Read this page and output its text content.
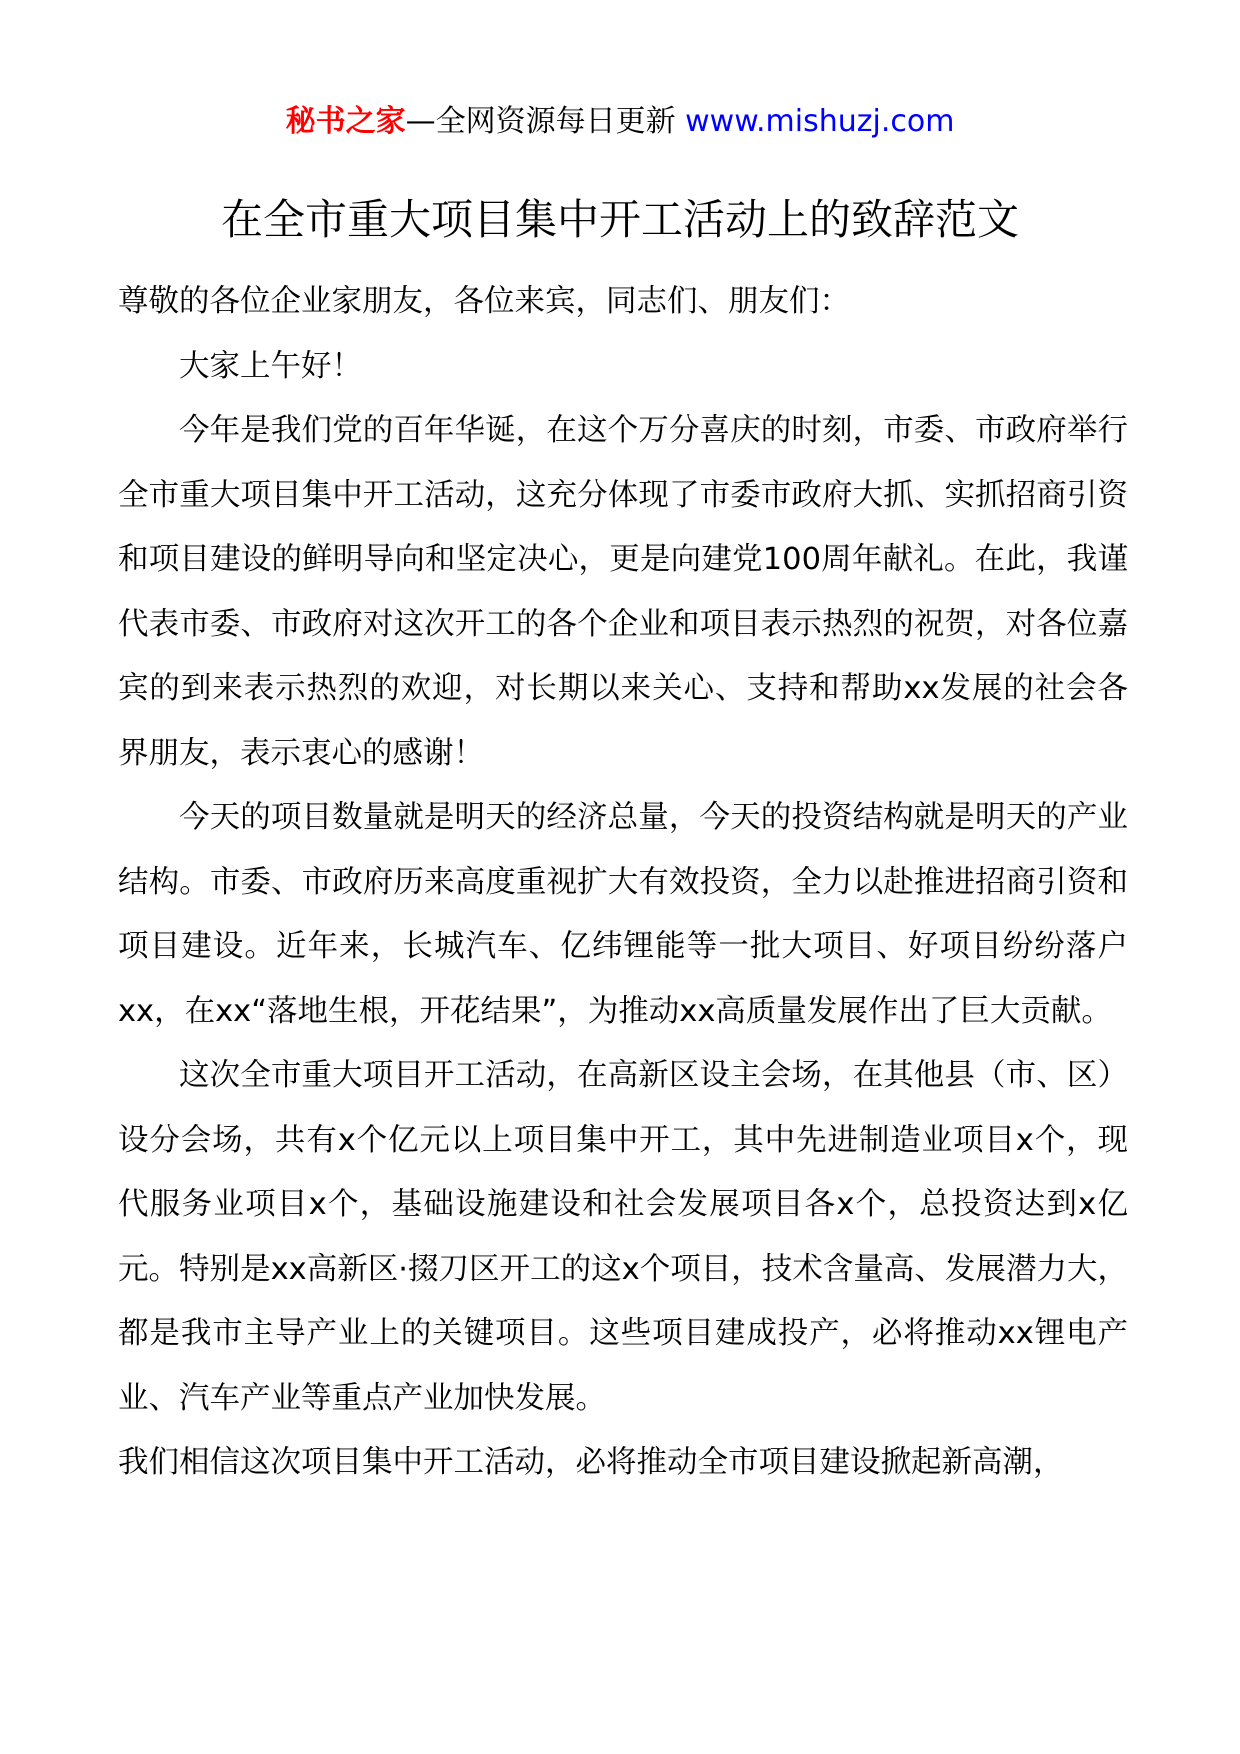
秘书之家—全网资源每日更新 www.mishuzj.com
在全市重大项目集中开工活动上的致辞范文

尊敬的各位企业家朋友，各位来宾，同志们、朋友们：

大家上午好！

今年是我们党的百年华诞，在这个万分喜庆的时刻，市委、市政府举行全市重大项目集中开工活动，这充分体现了市委市政府大抓、实抓招商引资和项目建设的鲜明导向和坚定决心，更是向建党100周年献礼。在此，我谨代表市委、市政府对这次开工的各个企业和项目表示热烈的祝贺，对各位嘉宾的到来表示热烈的欢迎，对长期以来关心、支持和帮助xx发展的社会各界朋友，表示衷心的感谢！

今天的项目数量就是明天的经济总量，今天的投资结构就是明天的产业结构。市委、市政府历来高度重视扩大有效投资，全力以赴推进招商引资和项目建设。近年来，长城汽车、亿纬锂能等一批大项目、好项目纷纷落户xx，在xx“落地生根，开花结果”，为推动xx高质量发展作出了巨大贡献。

这次全市重大项目开工活动，在高新区设主会场，在其他县（市、区）设分会场，共有x个亿元以上项目集中开工，其中先进制造业项目x个，现代服务业项目x个，基础设施建设和社会发展项目各x个，总投资达到x亿元。特别是xx高新区·掇刀区开工的这x个项目，技术含量高、发展潜力大，都是我市主导产业上的关键项目。这些项目建成投产，必将推动xx锂电产业、汽车产业等重点产业加快发展。

我们相信这次项目集中开工活动，必将推动全市项目建设掀起新高潮，
